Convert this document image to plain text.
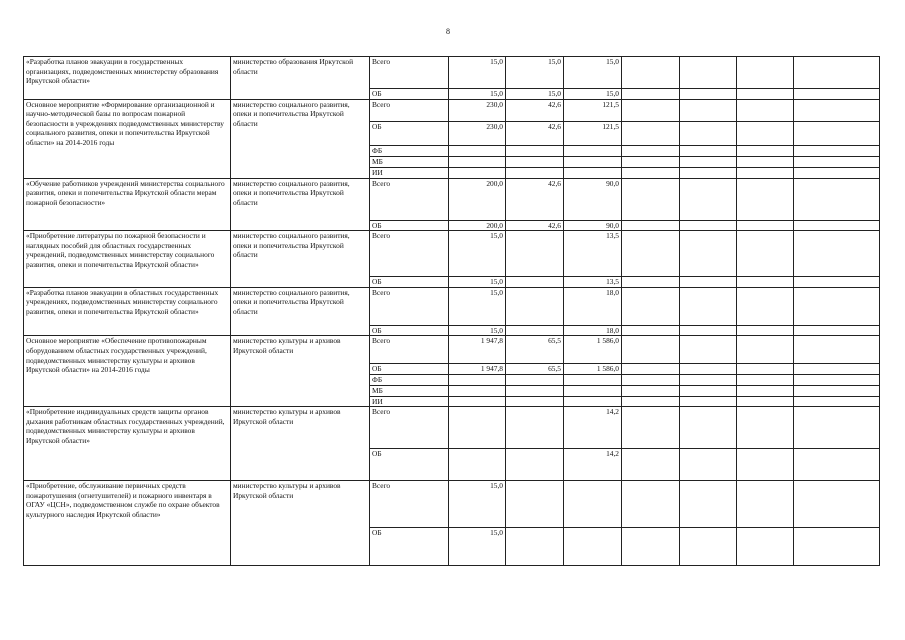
8
«Разработка планов эвакуации в государственных организациях, подведомственных министерству образования Иркутской области»	министерство образования Иркутской области	Всего	15,0	15,0	15,0				
		ОБ	15,0	15,0	15,0				
Основное мероприятие «Формирование организационной и научно-методической базы по вопросам пожарной безопасности в учреждениях подведомственных министерству социального развития, опеки и попечительства Иркутской области» на 2014-2016 годы	министерство социального развития, опеки и попечительства Иркутской области	Всего	230,0	42,6	121,5				
		ОБ	230,0	42,6	121,5				
		ФБ							
		МБ							
		ИИ							
«Обучение работников учреждений министерства социального развития, опеки и попечительства Иркутской области мерам пожарной безопасности»	министерство социального развития, опеки и попечительства Иркутской области	Всего	200,0	42,6	90,0				
		ОБ	200,0	42,6	90,0				
«Приобретение литературы по пожарной безопасности и наглядных пособий для областных государственных учреждений, подведомственных министерству социального развития, опеки и попечительства Иркутской области»	министерство социального развития, опеки и попечительства Иркутской области	Всего	15,0		13,5				
		ОБ	15,0		13,5				
«Разработка планов эвакуации в областных государственных учреждениях, подведомственных министерству социального развития, опеки и попечительства Иркутской области»	министерство социального развития, опеки и попечительства Иркутской области	Всего	15,0		18,0				
		ОБ	15,0		18,0				
Основное мероприятие «Обеспечение противопожарным оборудованием областных государственных учреждений, подведомственных министерству культуры и архивов Иркутской области» на 2014-2016 годы	министерство культуры и архивов Иркутской области	Всего	1 947,8	65,5	1 586,0				
		ОБ	1 947,8	65,5	1 586,0				
		ФБ							
		МБ							
		ИИ							
«Приобретение индивидуальных средств защиты органов дыхания работникам областных государственных учреждений, подведомственных министерству культуры и архивов Иркутской области»	министерство культуры и архивов Иркутской области	Всего			14,2				
		ОБ			14,2				
«Приобретение, обслуживание первичных средств пожаротушения (огнетушителей) и пожарного инвентаря в ОГАУ «ЦСН», подведомственном службе по охране объектов культурного наследия Иркутской области»	министерство культуры и архивов Иркутской области	Всего	15,0						
		ОБ	15,0						
